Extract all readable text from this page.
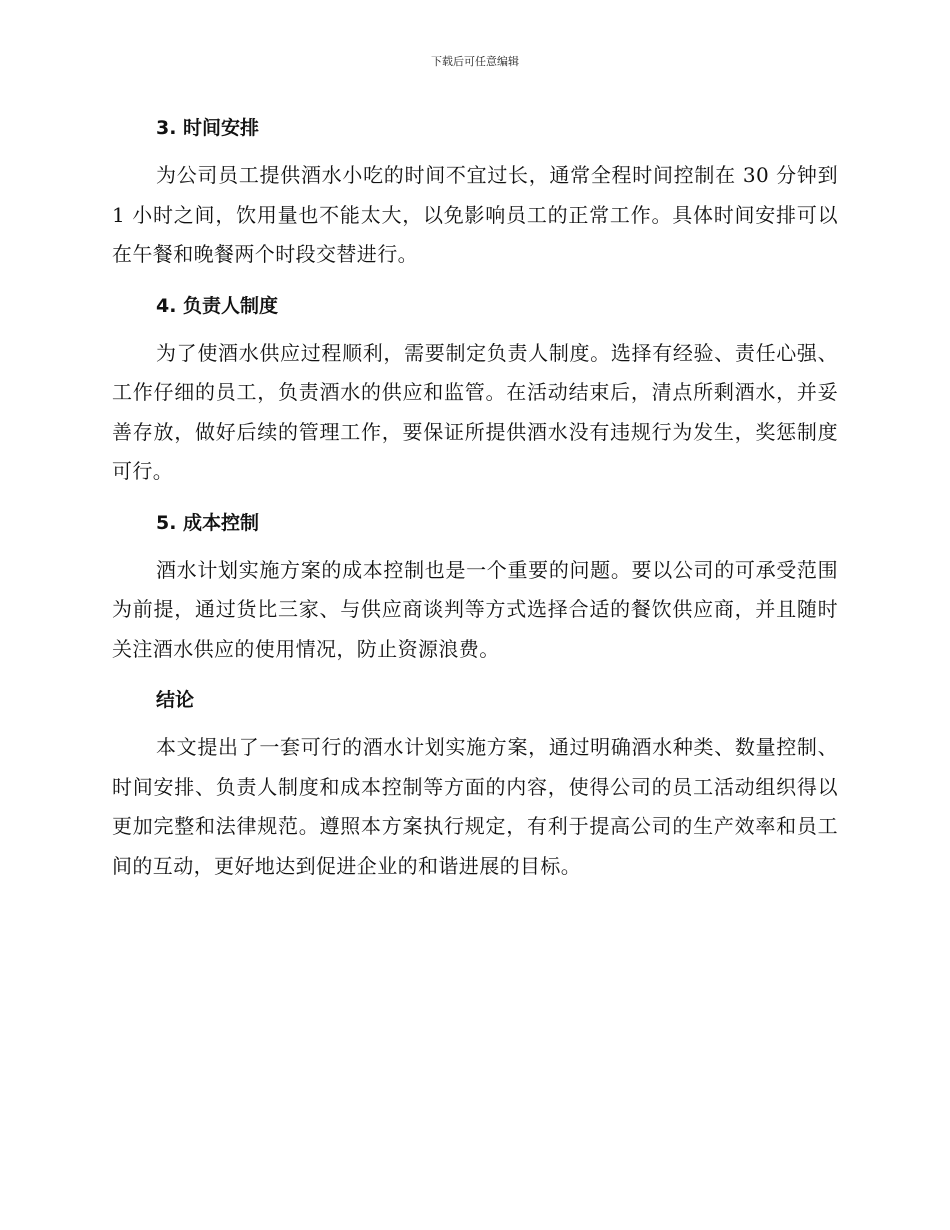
下载后可任意编辑
3. 时间安排

为公司员工提供酒水小吃的时间不宜过长，通常全程时间控制在 30 分钟到 1 小时之间，饮用量也不能太大，以免影响员工的正常工作。具体时间安排可以在午餐和晚餐两个时段交替进行。

4. 负责人制度

为了使酒水供应过程顺利，需要制定负责人制度。选择有经验、责任心强、工作仔细的员工，负责酒水的供应和监管。在活动结束后，清点所剩酒水，并妥善存放，做好后续的管理工作，要保证所提供酒水没有违规行为发生，奖惩制度可行。

5. 成本控制

酒水计划实施方案的成本控制也是一个重要的问题。要以公司的可承受范围为前提，通过货比三家、与供应商谈判等方式选择合适的餐饮供应商，并且随时关注酒水供应的使用情况，防止资源浪费。

结论

本文提出了一套可行的酒水计划实施方案，通过明确酒水种类、数量控制、时间安排、负责人制度和成本控制等方面的内容，使得公司的员工活动组织得以更加完整和法律规范。遵照本方案执行规定，有利于提高公司的生产效率和员工间的互动，更好地达到促进企业的和谐进展的目标。
